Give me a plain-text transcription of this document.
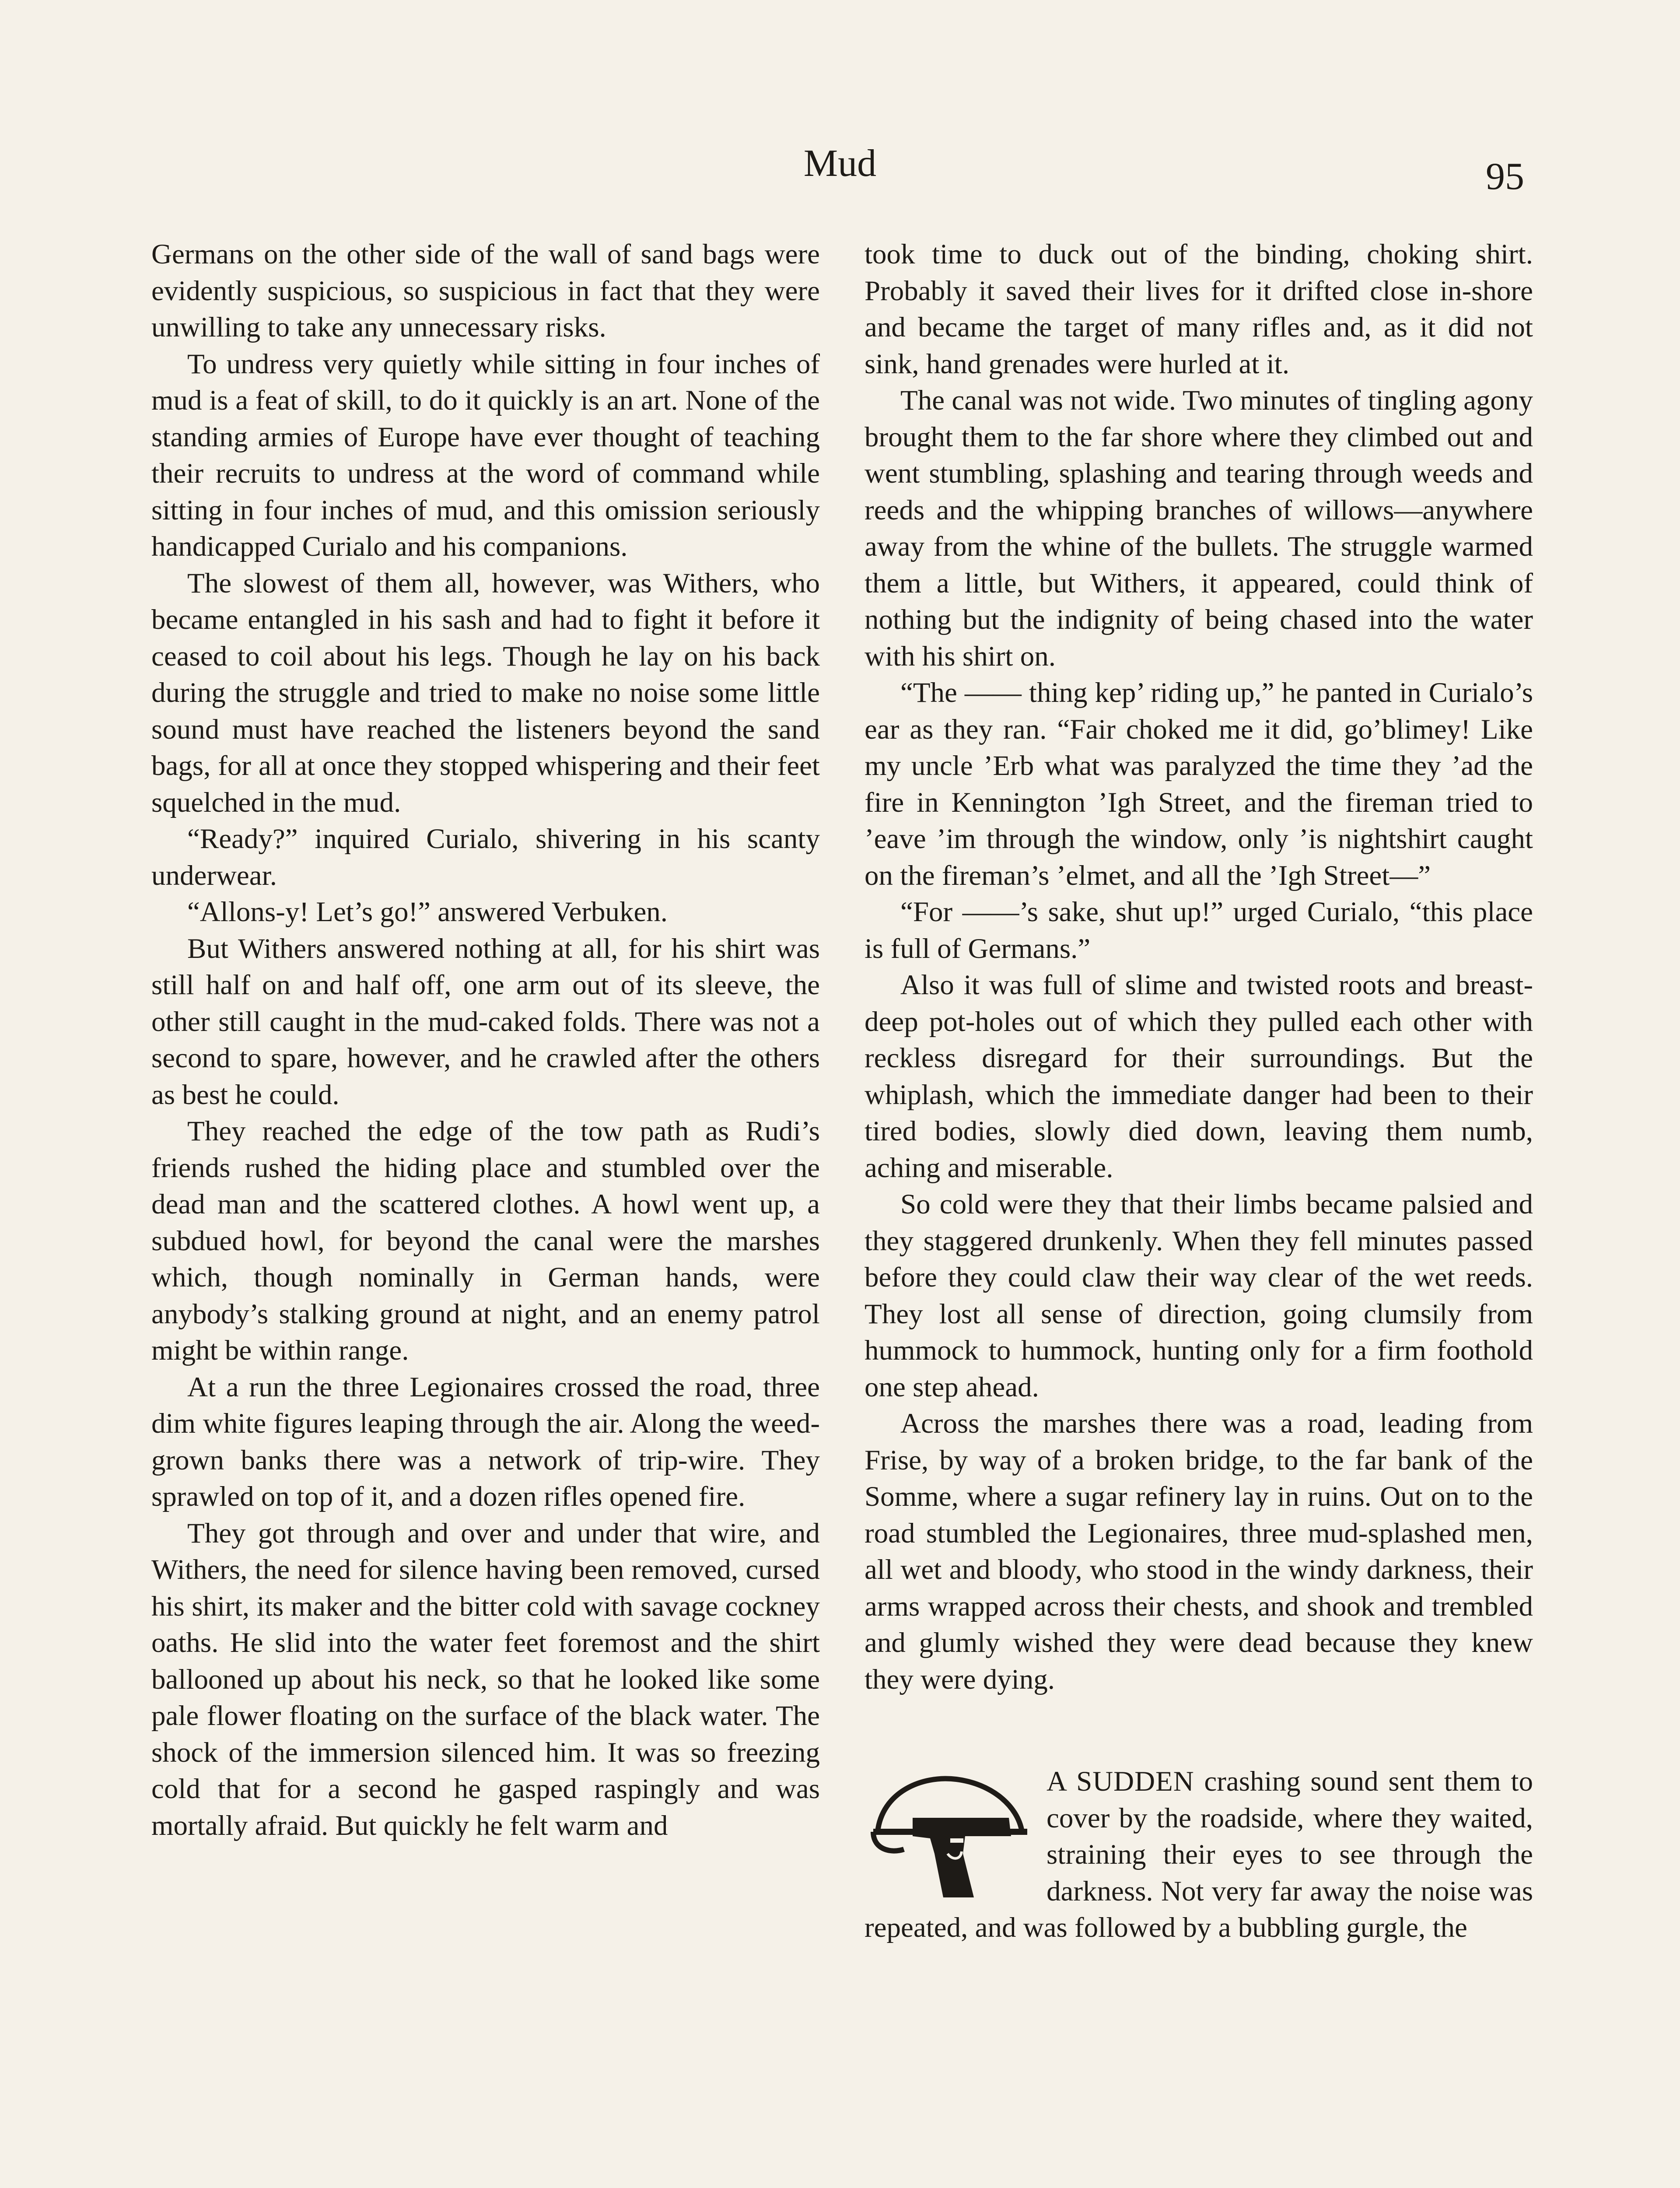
Mud	95

Germans on the other side of the wall of sand bags were evidently suspicious, so suspicious in fact that they were unwilling to take any unnecessary risks.

To undress very quietly while sitting in four inches of mud is a feat of skill, to do it quickly is an art. None of the standing armies of Europe have ever thought of teaching their recruits to undress at the word of command while sitting in four inches of mud, and this omission seriously handicapped Curialo and his companions.

The slowest of them all, however, was Withers, who became entangled in his sash and had to fight it before it ceased to coil about his legs. Though he lay on his back during the struggle and tried to make no noise some little sound must have reached the listeners beyond the sand bags, for all at once they stopped whispering and their feet squelched in the mud.

“Ready?” inquired Curialo, shivering in his scanty underwear.

“Allons-y! Let’s go!” answered Verbuken.

But Withers answered nothing at all, for his shirt was still half on and half off, one arm out of its sleeve, the other still caught in the mud-caked folds. There was not a second to spare, however, and he crawled after the others as best he could.

They reached the edge of the tow path as Rudi’s friends rushed the hiding place and stumbled over the dead man and the scattered clothes. A howl went up, a subdued howl, for beyond the canal were the marshes which, though nominally in German hands, were anybody’s stalking ground at night, and an enemy patrol might be within range.

At a run the three Legionaires crossed the road, three dim white figures leaping through the air. Along the weed-grown banks there was a network of trip-wire. They sprawled on top of it, and a dozen rifles opened fire.

They got through and over and under that wire, and Withers, the need for silence having been removed, cursed his shirt, its maker and the bitter cold with savage cockney oaths. He slid into the water feet foremost and the shirt ballooned up about his neck, so that he looked like some pale flower floating on the surface of the black water. The shock of the immersion silenced him. It was so freezing cold that for a second he gasped raspingly and was mortally afraid. But quickly he felt warm and

took time to duck out of the binding, choking shirt. Probably it saved their lives for it drifted close in-shore and became the target of many rifles and, as it did not sink, hand grenades were hurled at it.

The canal was not wide. Two minutes of tingling agony brought them to the far shore where they climbed out and went stumbling, splashing and tearing through weeds and reeds and the whipping branches of willows—anywhere away from the whine of the bullets. The struggle warmed them a little, but Withers, it appeared, could think of nothing but the indignity of being chased into the water with his shirt on.

“The —— thing kep’ riding up,” he panted in Curialo’s ear as they ran. “Fair choked me it did, go’blimey! Like my uncle ’Erb what was paralyzed the time they ’ad the fire in Kennington ’Igh Street, and the fireman tried to ’eave ’im through the window, only ’is nightshirt caught on the fireman’s ’elmet, and all the ’Igh Street—”

“For ——’s sake, shut up!” urged Curialo, “this place is full of Germans.”

Also it was full of slime and twisted roots and breast-deep pot-holes out of which they pulled each other with reckless disregard for their surroundings. But the whiplash, which the immediate danger had been to their tired bodies, slowly died down, leaving them numb, aching and miserable.

So cold were they that their limbs became palsied and they staggered drunkenly. When they fell minutes passed before they could claw their way clear of the wet reeds. They lost all sense of direction, going clumsily from hummock to hummock, hunting only for a firm foothold one step ahead.

Across the marshes there was a road, leading from Frise, by way of a broken bridge, to the far bank of the Somme, where a sugar refinery lay in ruins. Out on to the road stumbled the Legionaires, three mud-splashed men, all wet and bloody, who stood in the windy darkness, their arms wrapped across their chests, and shook and trembled and glumly wished they were dead because they knew they were dying.

A SUDDEN crashing sound sent them to cover by the roadside, where they waited, straining their eyes to see through the darkness. Not very far away the noise was repeated, and was followed by a bubbling gurgle, the
